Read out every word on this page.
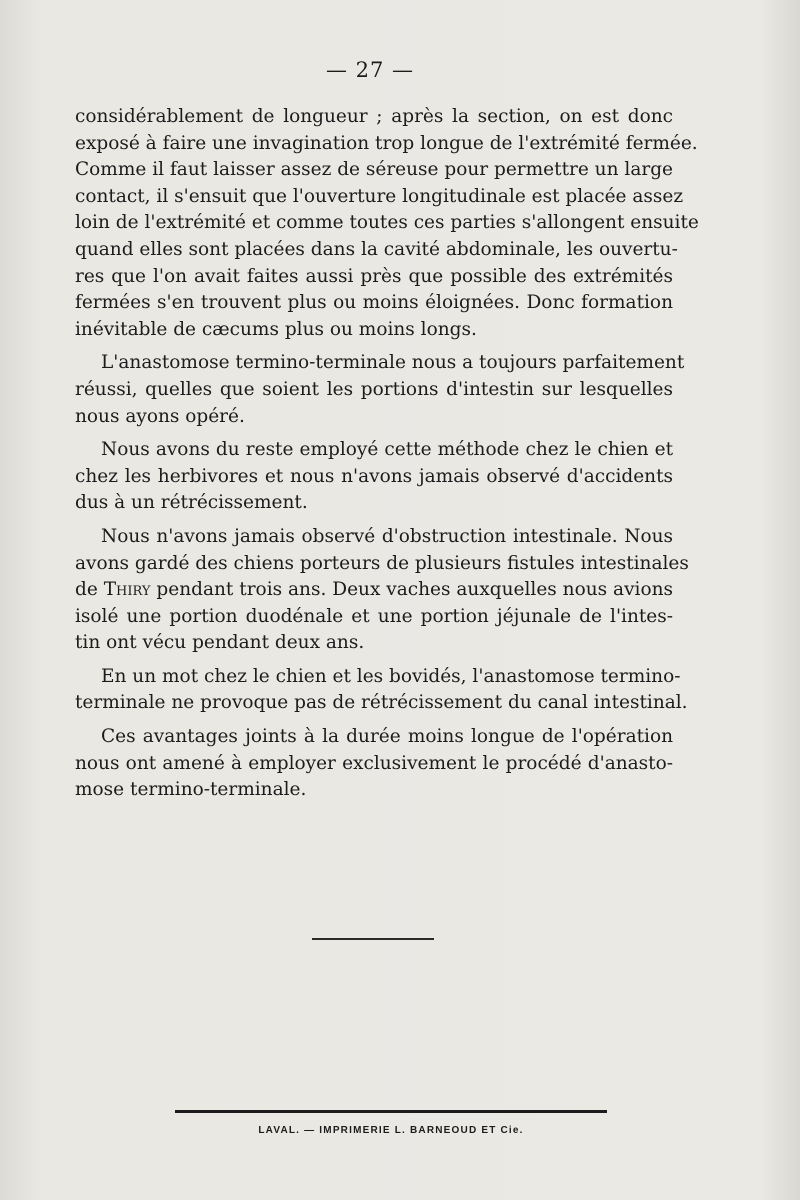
— 27 —
considérablement de longueur ; après la section, on est donc
exposé à faire une invagination trop longue de l'extrémité fermée.
Comme il faut laisser assez de séreuse pour permettre un large
contact, il s'ensuit que l'ouverture longitudinale est placée assez
loin de l'extrémité et comme toutes ces parties s'allongent ensuite
quand elles sont placées dans la cavité abdominale, les ouvertu-
res que l'on avait faites aussi près que possible des extrémités
fermées s'en trouvent plus ou moins éloignées. Donc formation
inévitable de cæcums plus ou moins longs.
L'anastomose termino-terminale nous a toujours parfaitement
réussi, quelles que soient les portions d'intestin sur lesquelles
nous ayons opéré.
Nous avons du reste employé cette méthode chez le chien et
chez les herbivores et nous n'avons jamais observé d'accidents
dus à un rétrécissement.
Nous n'avons jamais observé d'obstruction intestinale. Nous
avons gardé des chiens porteurs de plusieurs fistules intestinales
de Thiry pendant trois ans. Deux vaches auxquelles nous avions
isolé une portion duodénale et une portion jéjunale de l'intes-
tin ont vécu pendant deux ans.
En un mot chez le chien et les bovidés, l'anastomose termino-
terminale ne provoque pas de rétrécissement du canal intestinal.
Ces avantages joints à la durée moins longue de l'opération
nous ont amené à employer exclusivement le procédé d'anasto-
mose termino-terminale.
LAVAL. — IMPRIMERIE L. BARNEOUD ET Cie.
